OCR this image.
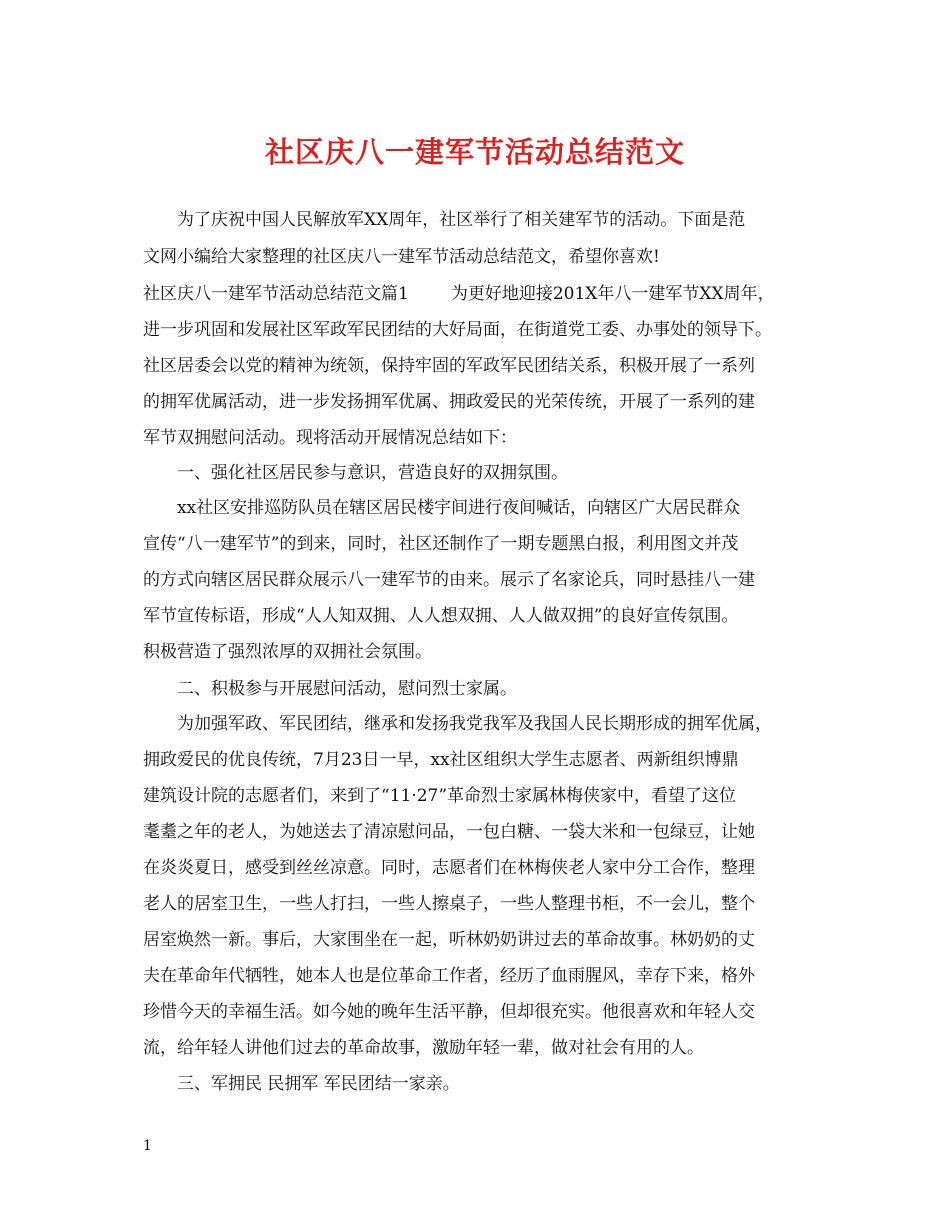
社区庆八一建军节活动总结范文
为了庆祝中国人民解放军XX周年，社区举行了相关建军节的活动。下面是范
文网小编给大家整理的社区庆八一建军节活动总结范文，希望你喜欢!
社区庆八一建军节活动总结范文篇1 为更好地迎接201X年八一建军节XX周年，
进一步巩固和发展社区军政军民团结的大好局面，在街道党工委、办事处的领导下。
社区居委会以党的精神为统领，保持牢固的军政军民团结关系，积极开展了一系列
的拥军优属活动，进一步发扬拥军优属、拥政爱民的光荣传统，开展了一系列的建
军节双拥慰问活动。现将活动开展情况总结如下：
一、强化社区居民参与意识，营造良好的双拥氛围。
xx社区安排巡防队员在辖区居民楼宇间进行夜间喊话，向辖区广大居民群众
宣传“八一建军节”的到来，同时，社区还制作了一期专题黑白报，利用图文并茂
的方式向辖区居民群众展示八一建军节的由来。展示了名家论兵，同时悬挂八一建
军节宣传标语，形成“人人知双拥、人人想双拥、人人做双拥”的良好宣传氛围。
积极营造了强烈浓厚的双拥社会氛围。
二、积极参与开展慰问活动，慰问烈士家属。
为加强军政、军民团结，继承和发扬我党我军及我国人民长期形成的拥军优属，
拥政爱民的优良传统，7月23日一早，xx社区组织大学生志愿者、两新组织博鼎
建筑设计院的志愿者们，来到了“11·27”革命烈士家属林梅侠家中，看望了这位
耄耋之年的老人，为她送去了清凉慰问品，一包白糖、一袋大米和一包绿豆，让她
在炎炎夏日，感受到丝丝凉意。同时，志愿者们在林梅侠老人家中分工合作，整理
老人的居室卫生，一些人打扫，一些人擦桌子，一些人整理书柜，不一会儿，整个
居室焕然一新。事后，大家围坐在一起，听林奶奶讲过去的革命故事。林奶奶的丈
夫在革命年代牺牲，她本人也是位革命工作者，经历了血雨腥风，幸存下来，格外
珍惜今天的幸福生活。如今她的晚年生活平静，但却很充实。他很喜欢和年轻人交
流，给年轻人讲他们过去的革命故事，激励年轻一辈，做对社会有用的人。
三、军拥民 民拥军 军民团结一家亲。
1
